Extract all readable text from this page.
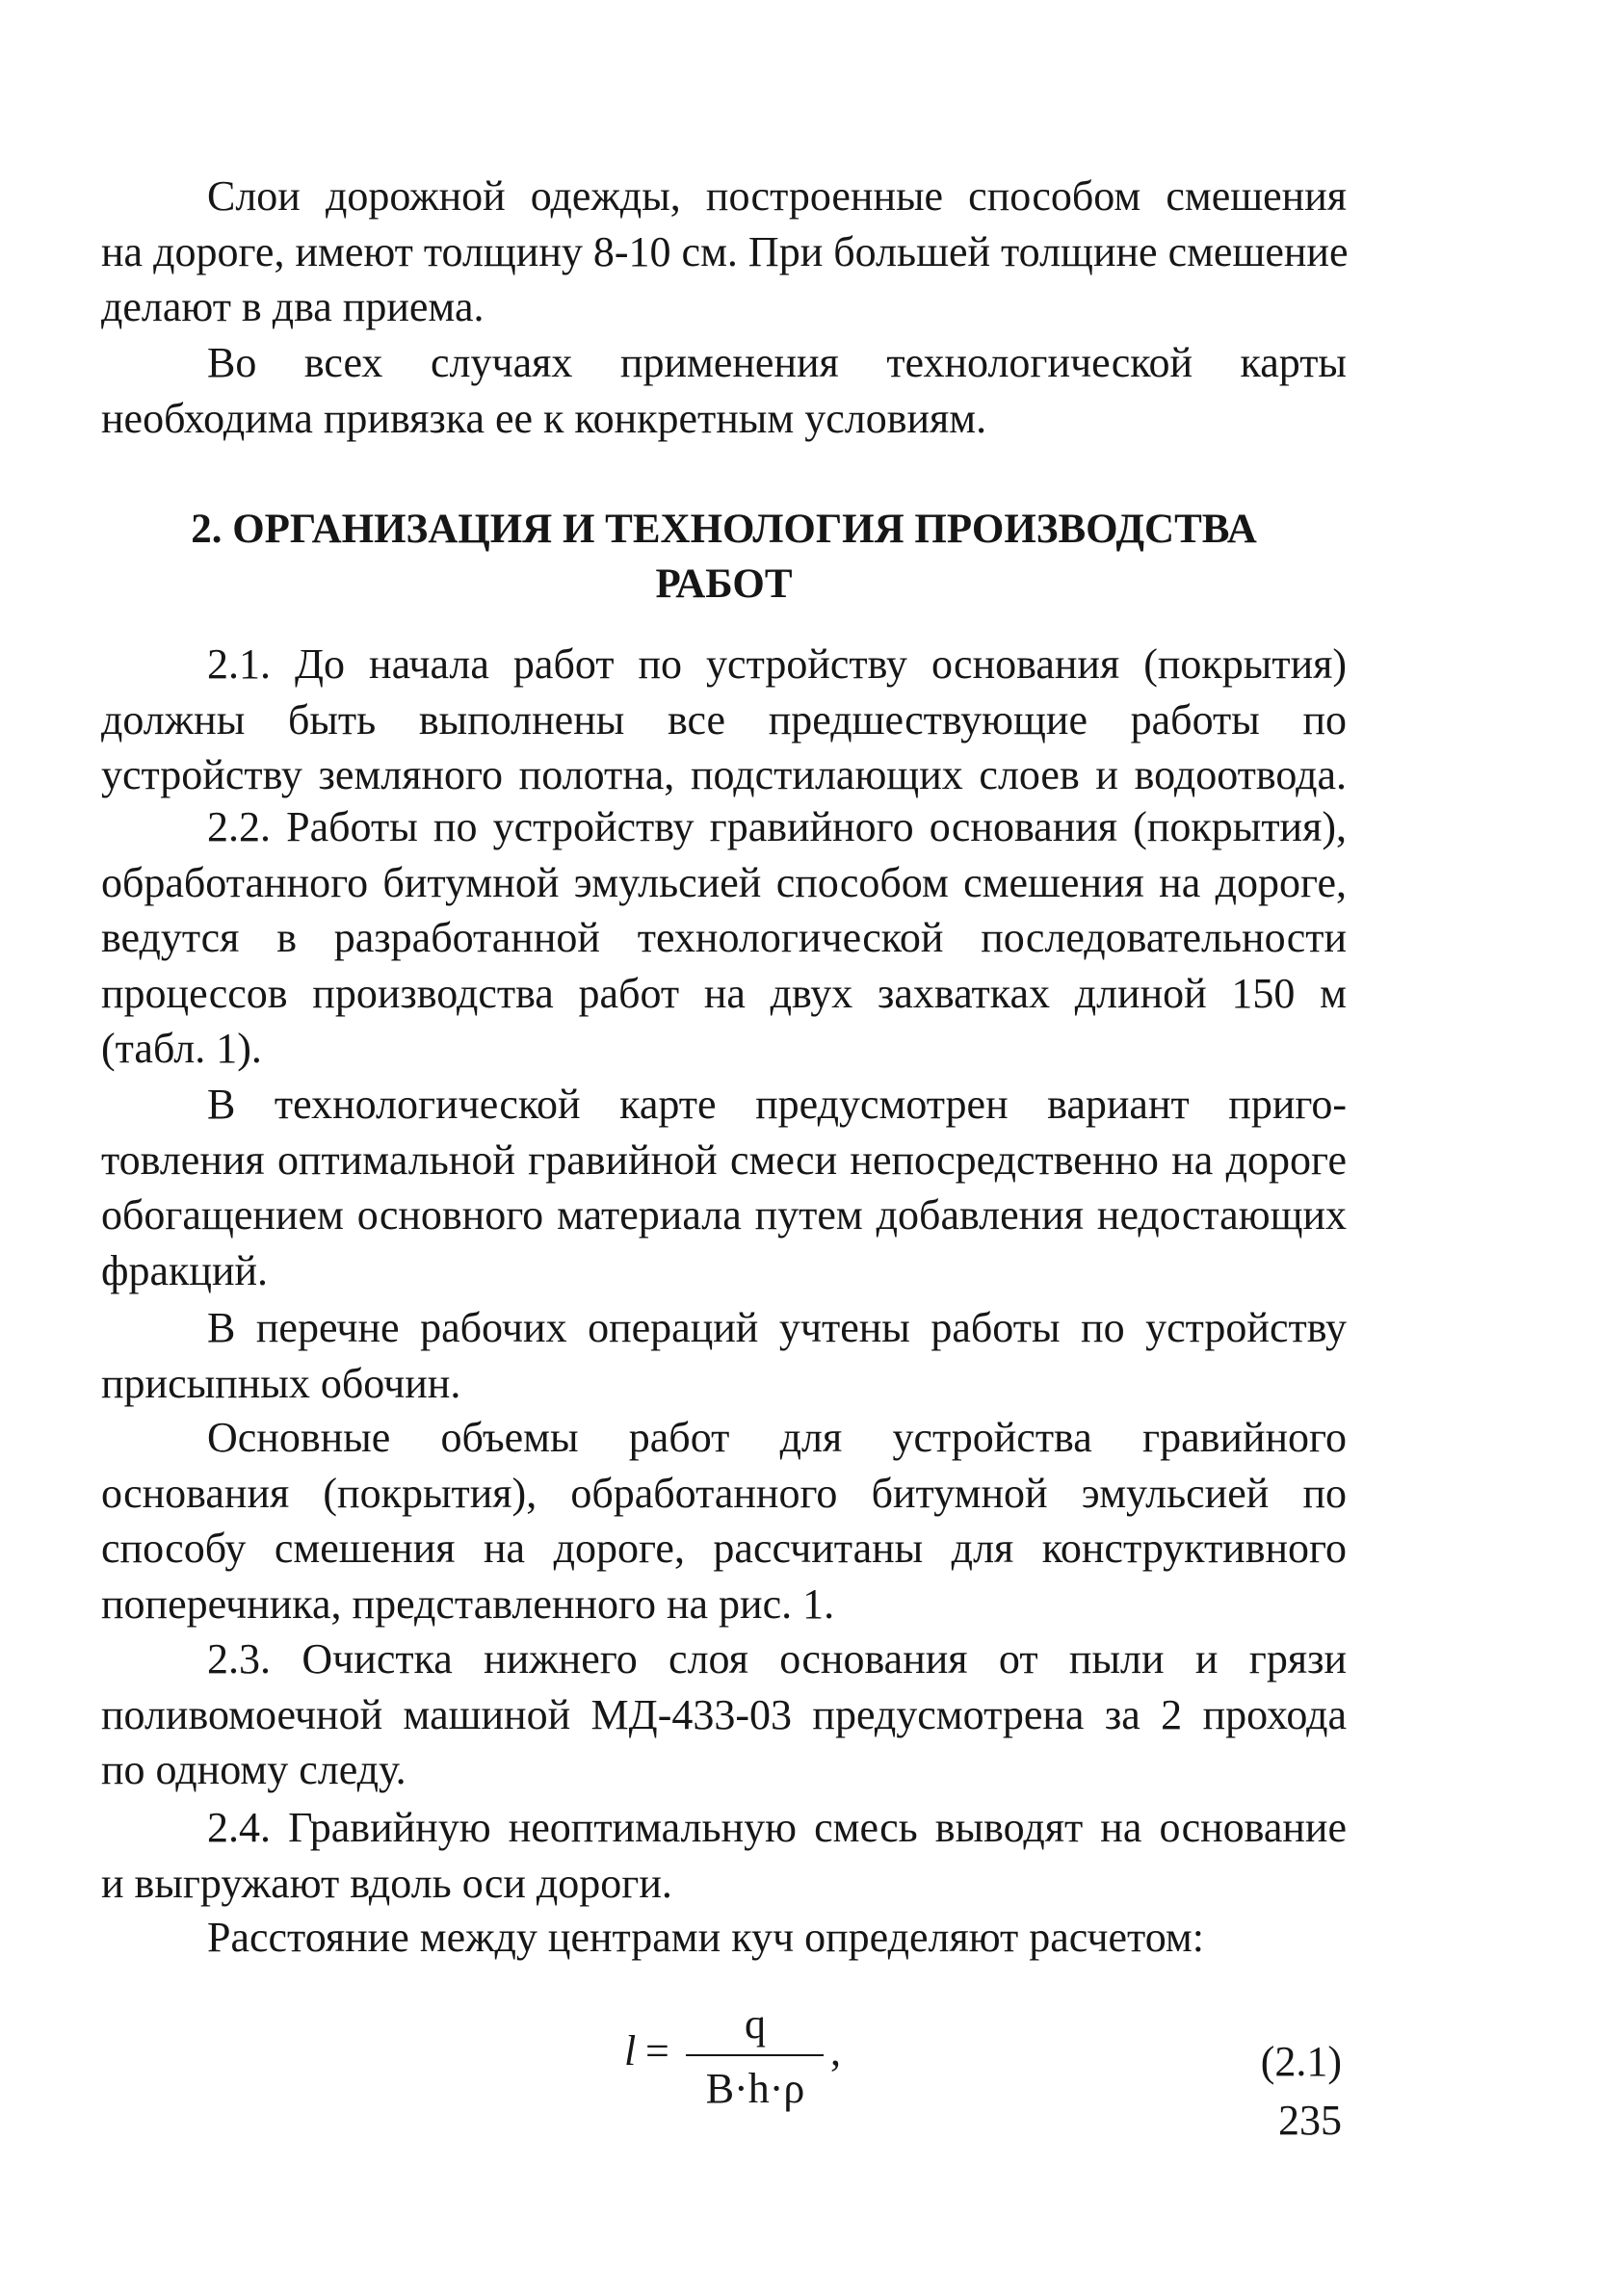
Слои дорожной одежды, построенные способом смешения
на дороге, имеют толщину 8-10 см. При большей толщине смешение
делают в два приема.
Во всех случаях применения технологической карты
необходима привязка ее к конкретным условиям.
2. ОРГАНИЗАЦИЯ И ТЕХНОЛОГИЯ ПРОИЗВОДСТВА
РАБОТ
2.1. До начала работ по устройству основания (покрытия)
должны быть выполнены все предшествующие работы по
устройству земляного полотна, подстилающих слоев и водоотвода.
2.2. Работы по устройству гравийного основания (покрытия),
обработанного битумной эмульсией способом смешения на дороге,
ведутся в разработанной технологической последовательности
процессов производства работ на двух захватках длиной 150 м
(табл. 1).
В технологической карте предусмотрен вариант приго-
товления оптимальной гравийной смеси непосредственно на дороге
обогащением основного материала путем добавления недостающих
фракций.
В перечне рабочих операций учтены работы по устройству
присыпных обочин.
Основные объемы работ для устройства гравийного
основания (покрытия), обработанного битумной эмульсией по
способу смешения на дороге, рассчитаны для конструктивного
поперечника, представленного на рис. 1.
2.3. Очистка нижнего слоя основания от пыли и грязи
поливомоечной машиной МД-433-03 предусмотрена за 2 прохода
по одному следу.
2.4. Гравийную неоптимальную смесь выводят на основание
и выгружают вдоль оси дороги.
Расстояние между центрами куч определяют расчетом:
l =
q
B·h·ρ
,	(2.1)
235
